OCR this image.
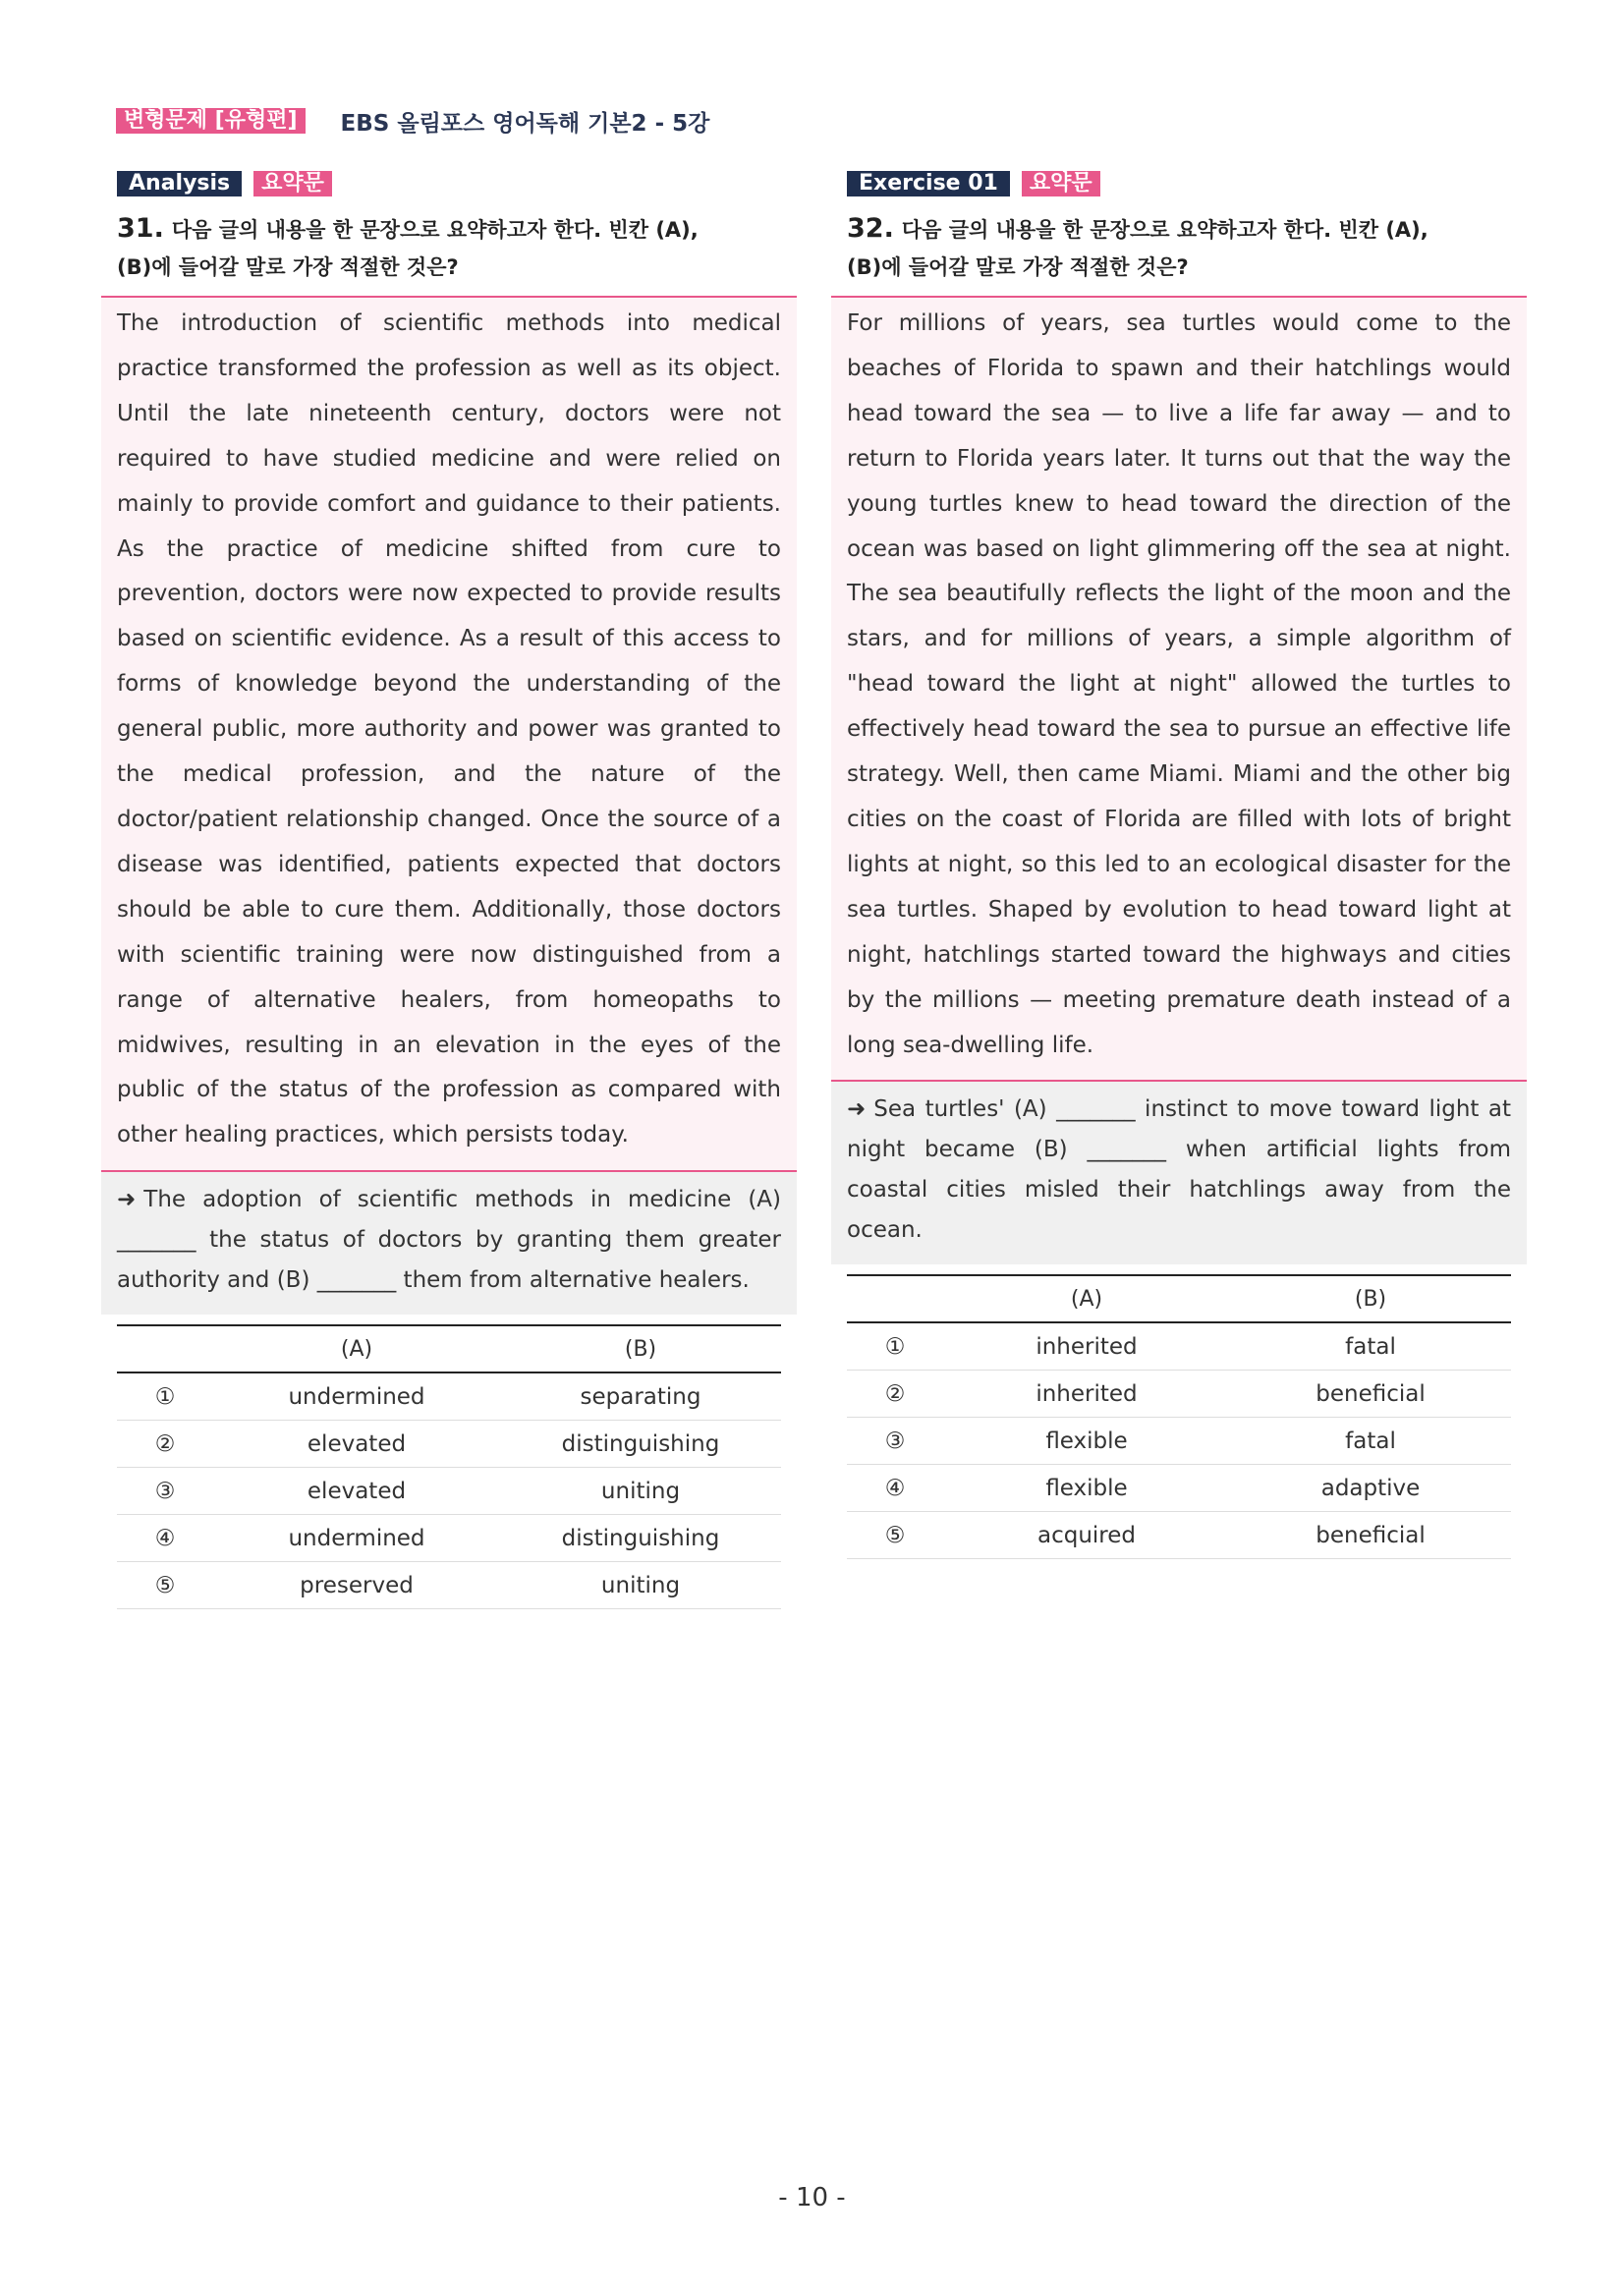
변형문제 [유형편]	EBS 올림포스 영어독해 기본2 - 5강
Analysis	요약문
31. 다음 글의 내용을 한 문장으로 요약하고자 한다. 빈칸 (A),
(B)에 들어갈 말로 가장 적절한 것은?
The introduction of scientific methods into medical practice transformed the profession as well as its object. Until the late nineteenth century, doctors were not required to have studied medicine and were relied on mainly to provide comfort and guidance to their patients. As the practice of medicine shifted from cure to prevention, doctors were now expected to provide results based on scientific evidence. As a result of this access to forms of knowledge beyond the understanding of the general public, more authority and power was granted to the medical profession, and the nature of the doctor/patient relationship changed. Once the source of a disease was identified, patients expected that doctors should be able to cure them. Additionally, those doctors with scientific training were now distinguished from a range of alternative healers, from homeopaths to midwives, resulting in an elevation in the eyes of the public of the status of the profession as compared with other healing practices, which persists today.
➜ The adoption of scientific methods in medicine (A) _______ the status of doctors by granting them greater authority and (B) _______ them from alternative healers.
	(A)	(B)
①	undermined	separating
②	elevated	distinguishing
③	elevated	uniting
④	undermined	distinguishing
⑤	preserved	uniting
Exercise 01	요약문
32. 다음 글의 내용을 한 문장으로 요약하고자 한다. 빈칸 (A),
(B)에 들어갈 말로 가장 적절한 것은?
For millions of years, sea turtles would come to the beaches of Florida to spawn and their hatchlings would head toward the sea — to live a life far away — and to return to Florida years later. It turns out that the way the young turtles knew to head toward the direction of the ocean was based on light glimmering off the sea at night. The sea beautifully reflects the light of the moon and the stars, and for millions of years, a simple algorithm of "head toward the light at night" allowed the turtles to effectively head toward the sea to pursue an effective life strategy. Well, then came Miami. Miami and the other big cities on the coast of Florida are filled with lots of bright lights at night, so this led to an ecological disaster for the sea turtles. Shaped by evolution to head toward light at night, hatchlings started toward the highways and cities by the millions — meeting premature death instead of a long sea-dwelling life.
➜ Sea turtles' (A) _______ instinct to move toward light at night became (B) _______ when artificial lights from coastal cities misled their hatchlings away from the ocean.
	(A)	(B)
①	inherited	fatal
②	inherited	beneficial
③	flexible	fatal
④	flexible	adaptive
⑤	acquired	beneficial
- 10 -
